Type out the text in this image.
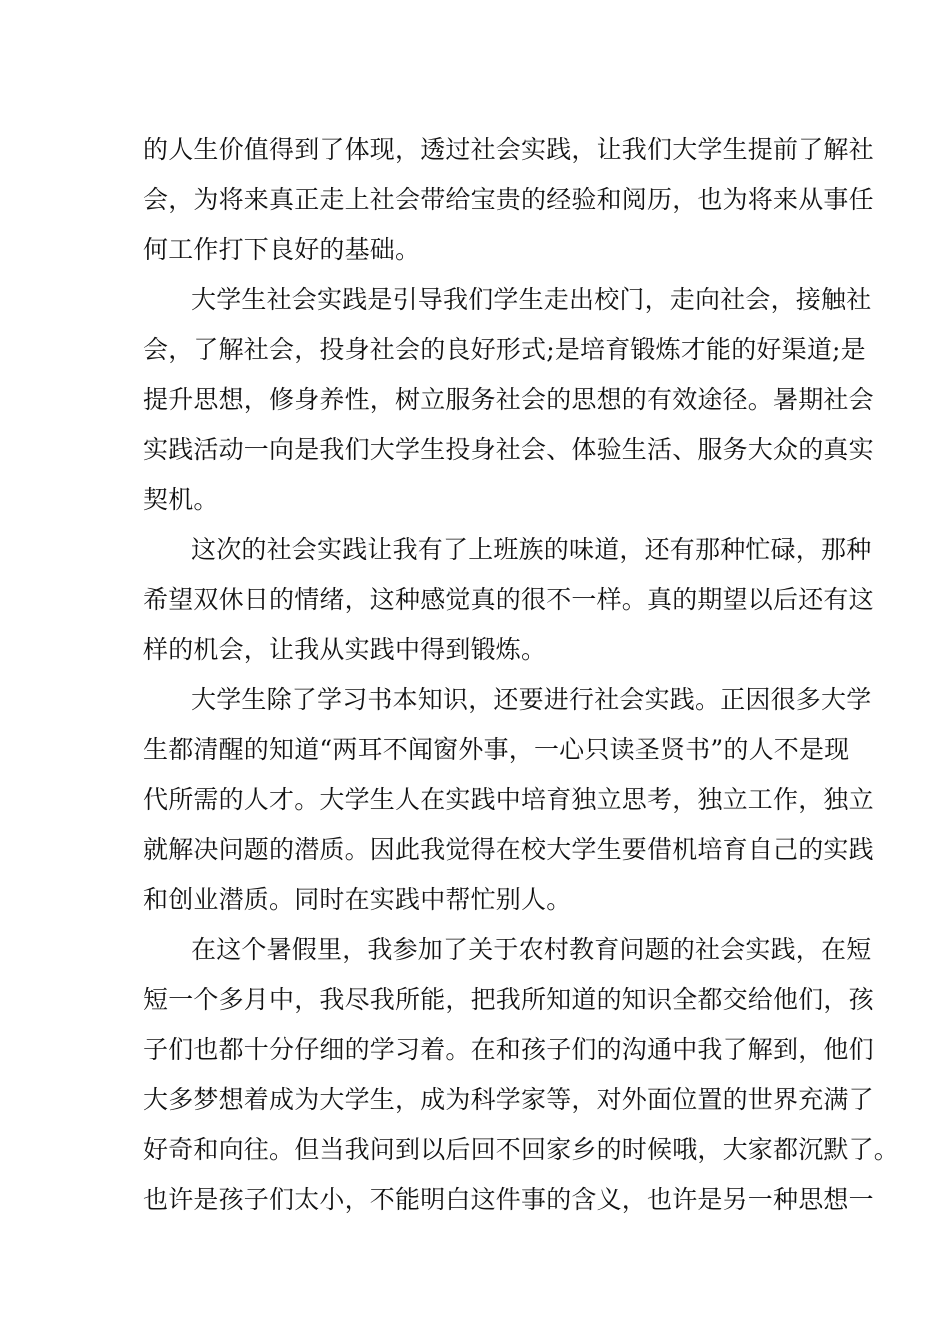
的人生价值得到了体现，透过社会实践，让我们大学生提前了解社

会，为将来真正走上社会带给宝贵的经验和阅历，也为将来从事任

何工作打下良好的基础。

大学生社会实践是引导我们学生走出校门，走向社会，接触社

会，了解社会，投身社会的良好形式;是培育锻炼才能的好渠道;是

提升思想，修身养性，树立服务社会的思想的有效途径。暑期社会

实践活动一向是我们大学生投身社会、体验生活、服务大众的真实

契机。

这次的社会实践让我有了上班族的味道，还有那种忙碌，那种

希望双休日的情绪，这种感觉真的很不一样。真的期望以后还有这

样的机会，让我从实践中得到锻炼。

大学生除了学习书本知识，还要进行社会实践。正因很多大学

生都清醒的知道“两耳不闻窗外事，一心只读圣贤书”的人不是现

代所需的人才。大学生人在实践中培育独立思考，独立工作，独立

就解决问题的潜质。因此我觉得在校大学生要借机培育自己的实践

和创业潜质。同时在实践中帮忙别人。

在这个暑假里，我参加了关于农村教育问题的社会实践，在短

短一个多月中，我尽我所能，把我所知道的知识全都交给他们，孩

子们也都十分仔细的学习着。在和孩子们的沟通中我了解到，他们

大多梦想着成为大学生，成为科学家等，对外面位置的世界充满了

好奇和向往。但当我问到以后回不回家乡的时候哦，大家都沉默了。

也许是孩子们太小，不能明白这件事的含义，也许是另一种思想一
